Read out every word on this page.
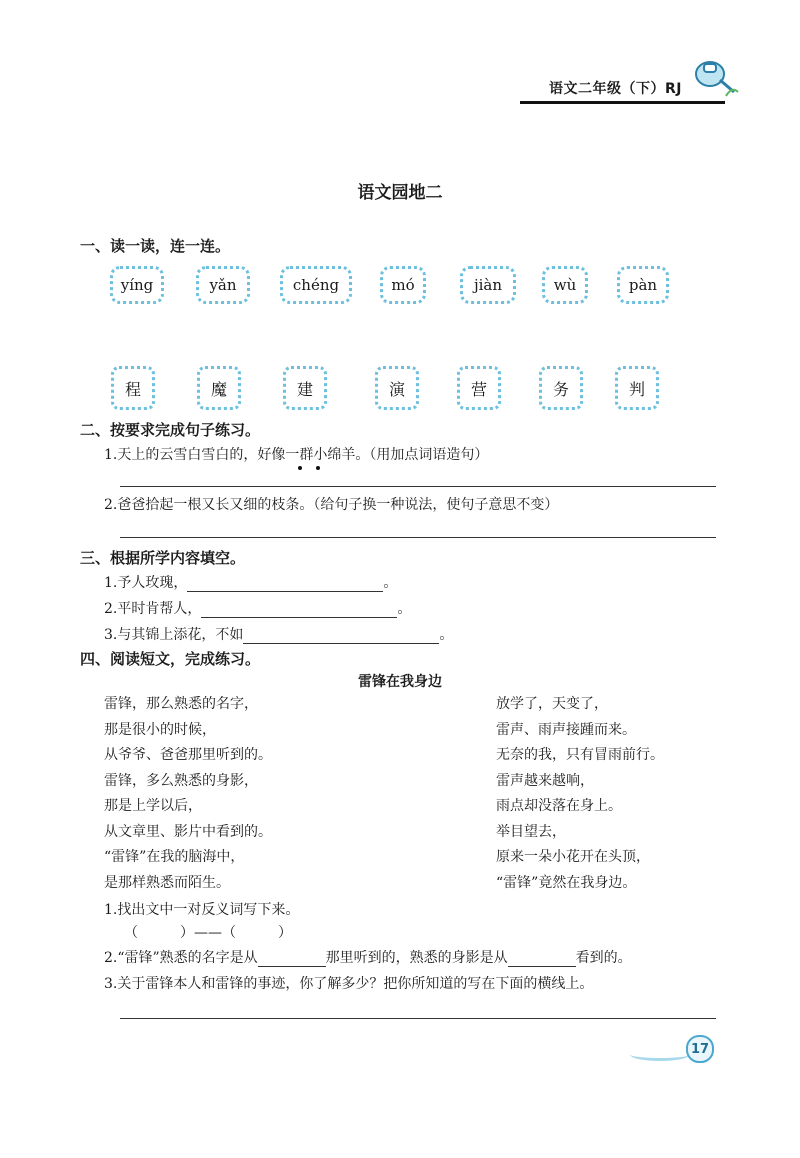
语文二年级（下）RJ
语文园地二
一、读一读，连一连。
yíng	yǎn	chéng	mó	jiàn	wù	pàn
程	魔	建	演	营	务	判
二、按要求完成句子练习。
1.天上的云雪白雪白的，好像一群小绵羊。（用加点词语造句）
2.爸爸拾起一根又长又细的枝条。（给句子换一种说法，使句子意思不变）
三、根据所学内容填空。
1.予人玫瑰，	。
2.平时肯帮人，	。
3.与其锦上添花，不如	。
四、阅读短文，完成练习。
雷锋在我身边
雷锋，那么熟悉的名字，
那是很小的时候，
从爷爷、爸爸那里听到的。
雷锋，多么熟悉的身影，
那是上学以后，
从文章里、影片中看到的。
“雷锋”在我的脑海中，
是那样熟悉而陌生。
放学了，天变了，
雷声、雨声接踵而来。
无奈的我，只有冒雨前行。
雷声越来越响，
雨点却没落在身上。
举目望去，
原来一朵小花开在头顶，
“雷锋”竟然在我身边。
1.找出文中一对反义词写下来。
（　　　）——（　　　）
2.“雷锋”熟悉的名字是从	那里听到的，熟悉的身影是从	看到的。
3.关于雷锋本人和雷锋的事迹，你了解多少？把你所知道的写在下面的横线上。
17
